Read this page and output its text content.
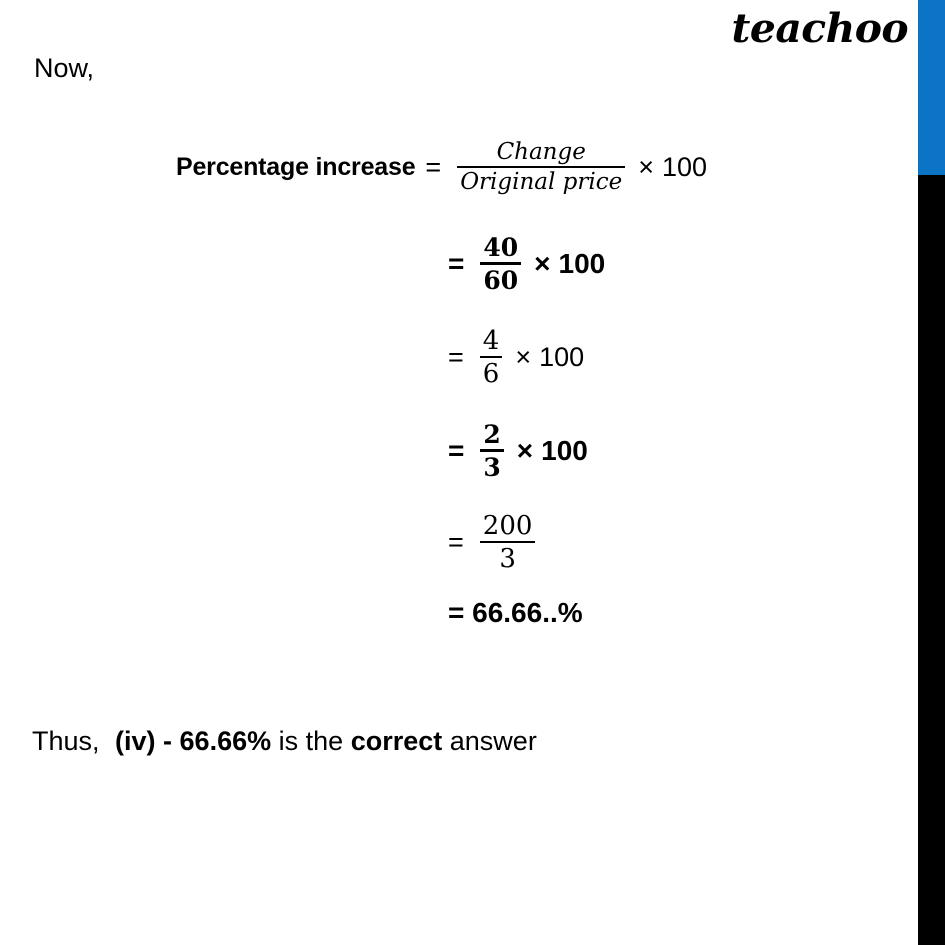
Now,
Percentage increase = $\frac{\text{Change}}{\text{Original price}} \times 100$
= $\frac{40}{60} \times 100$
= $\frac{4}{6} \times 100$
= $\frac{2}{3} \times 100$
= $\frac{200}{3}$
= 66.66..%
Thus, (iv) - 66.66% is the correct answer
teachoo
